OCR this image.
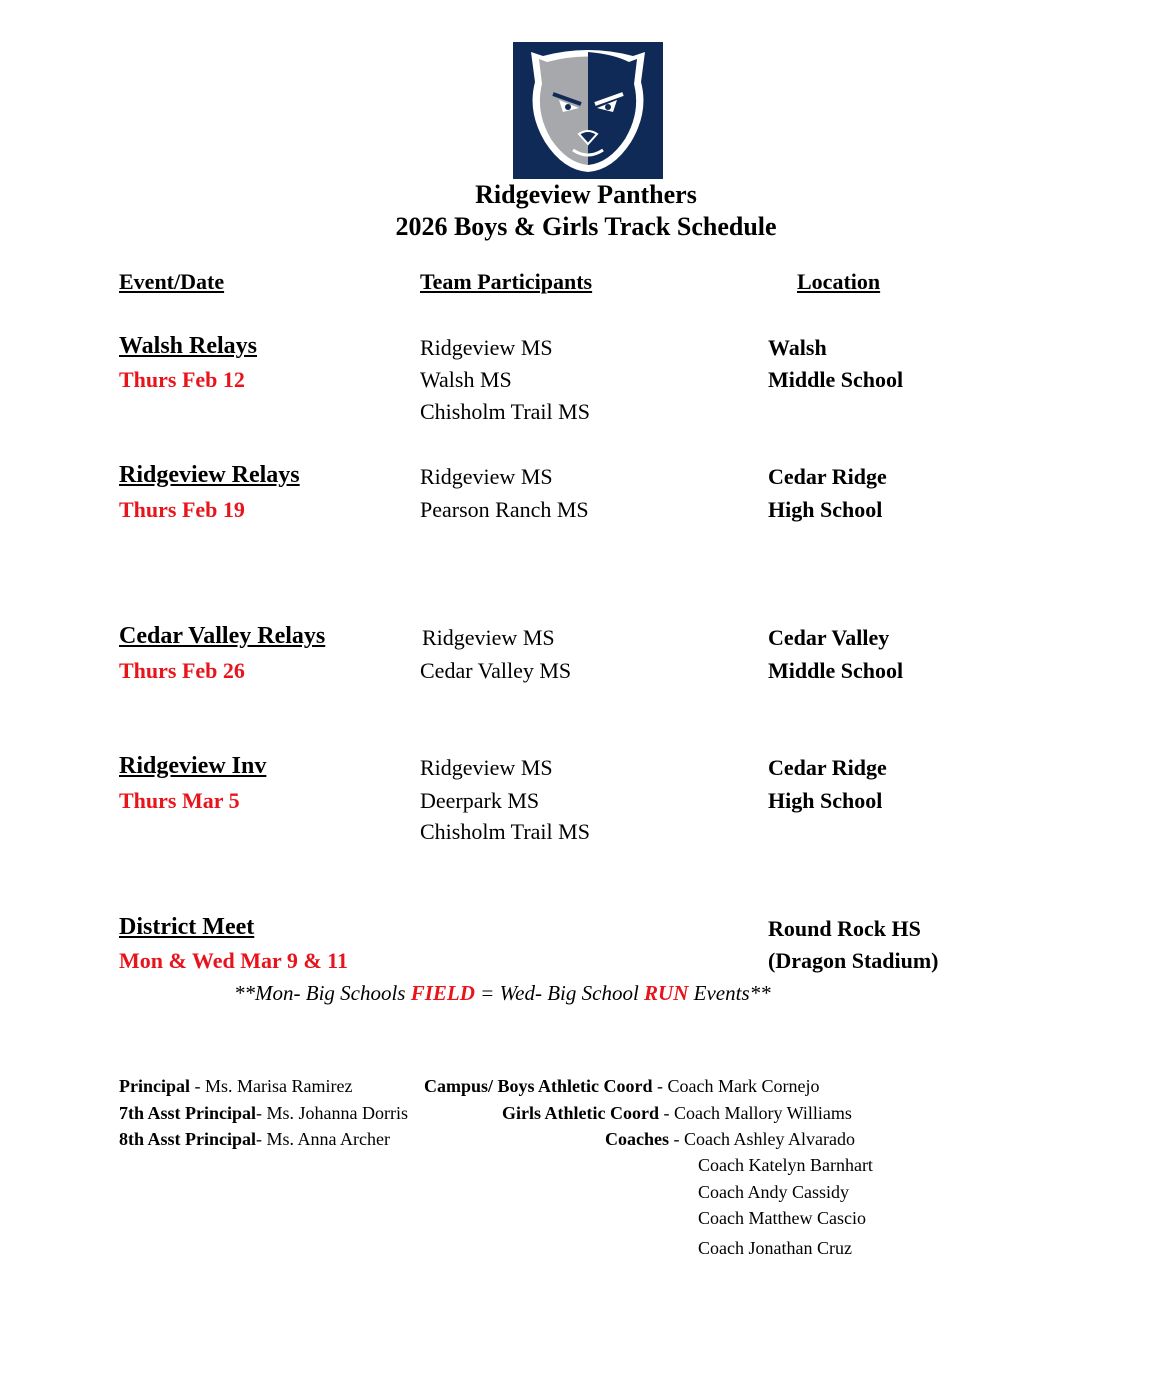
Ridgeview Panthers
2026 Boys & Girls Track Schedule
Event/Date	Team Participants	Location
Walsh Relays
Thurs Feb 12
Ridgeview MS
Walsh MS
Chisholm Trail MS
Walsh
Middle School
Ridgeview Relays
Thurs Feb 19
Ridgeview MS
Pearson Ranch MS
Cedar Ridge
High School
Cedar Valley Relays
Thurs Feb 26
Ridgeview MS
Cedar Valley MS
Cedar Valley
Middle School
Ridgeview Inv
Thurs Mar 5
Ridgeview MS
Deerpark MS
Chisholm Trail MS
Cedar Ridge
High School
District Meet
Mon & Wed Mar 9 & 11
Round Rock HS
(Dragon Stadium)
**Mon- Big Schools FIELD = Wed- Big School RUN Events**
Principal - Ms. Marisa Ramirez
7th Asst Principal- Ms. Johanna Dorris
8th Asst Principal- Ms. Anna Archer
Campus/ Boys Athletic Coord - Coach Mark Cornejo
Girls Athletic Coord - Coach Mallory Williams
Coaches - Coach Ashley Alvarado
Coach Katelyn Barnhart
Coach Andy Cassidy
Coach Matthew Cascio
Coach Jonathan Cruz
